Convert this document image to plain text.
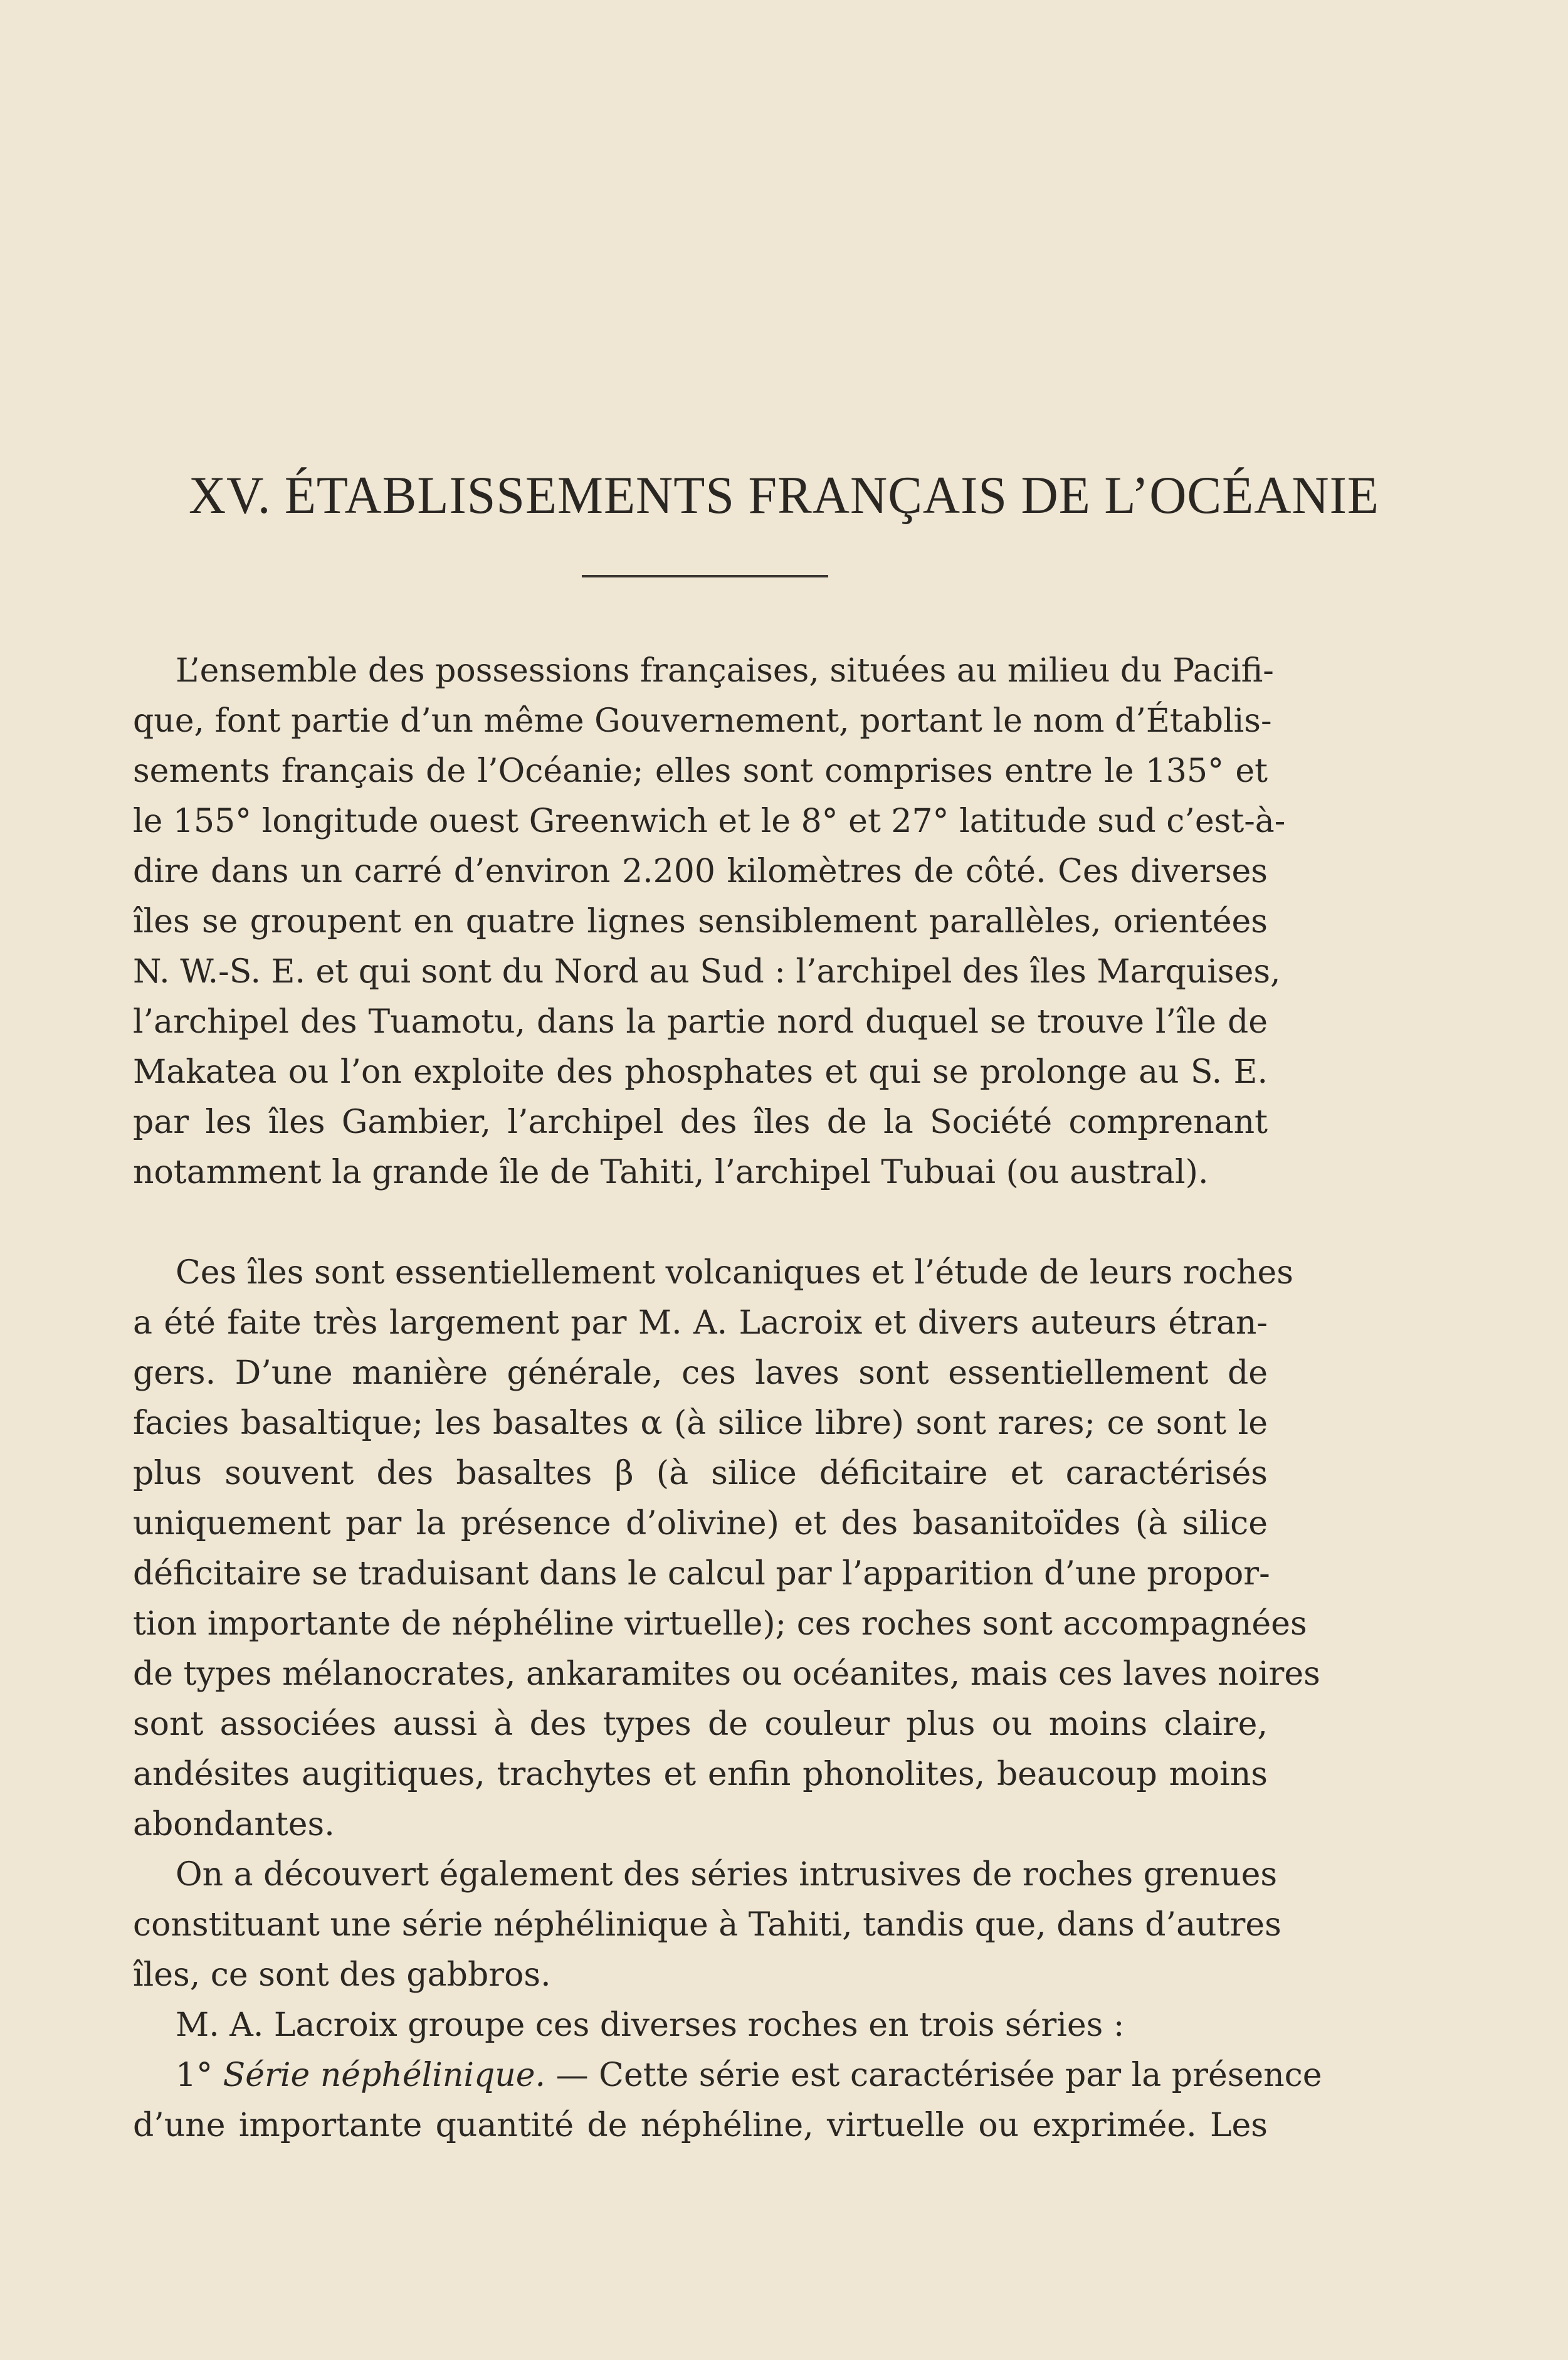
XV. ÉTABLISSEMENTS FRANÇAIS DE L’OCÉANIE
L’ensemble des possessions françaises, situées au milieu du Pacifi-
que, font partie d’un même Gouvernement, portant le nom d’Établis-
sements français de l’Océanie; elles sont comprises entre le 135° et
le 155° longitude ouest Greenwich et le 8° et 27° latitude sud c’est-à-
dire dans un carré d’environ 2.200 kilomètres de côté. Ces diverses
îles se groupent en quatre lignes sensiblement parallèles, orientées
N. W.-S. E. et qui sont du Nord au Sud : l’archipel des îles Marquises,
l’archipel des Tuamotu, dans la partie nord duquel se trouve l’île de
Makatea ou l’on exploite des phosphates et qui se prolonge au S. E.
par les îles Gambier, l’archipel des îles de la Société comprenant
notamment la grande île de Tahiti, l’archipel Tubuai (ou austral).
Ces îles sont essentiellement volcaniques et l’étude de leurs roches
a été faite très largement par M. A. Lacroix et divers auteurs étran-
gers. D’une manière générale, ces laves sont essentiellement de
facies basaltique; les basaltes α (à silice libre) sont rares; ce sont le
plus souvent des basaltes β (à silice déficitaire et caractérisés
uniquement par la présence d’olivine) et des basanitoïdes (à silice
déficitaire se traduisant dans le calcul par l’apparition d’une propor-
tion importante de néphéline virtuelle); ces roches sont accompagnées
de types mélanocrates, ankaramites ou océanites, mais ces laves noires
sont associées aussi à des types de couleur plus ou moins claire,
andésites augitiques, trachytes et enfin phonolites, beaucoup moins
abondantes.
On a découvert également des séries intrusives de roches grenues
constituant une série néphélinique à Tahiti, tandis que, dans d’autres
îles, ce sont des gabbros.
M. A. Lacroix groupe ces diverses roches en trois séries :
1° Série néphélinique. — Cette série est caractérisée par la présence
d’une importante quantité de néphéline, virtuelle ou exprimée. Les
